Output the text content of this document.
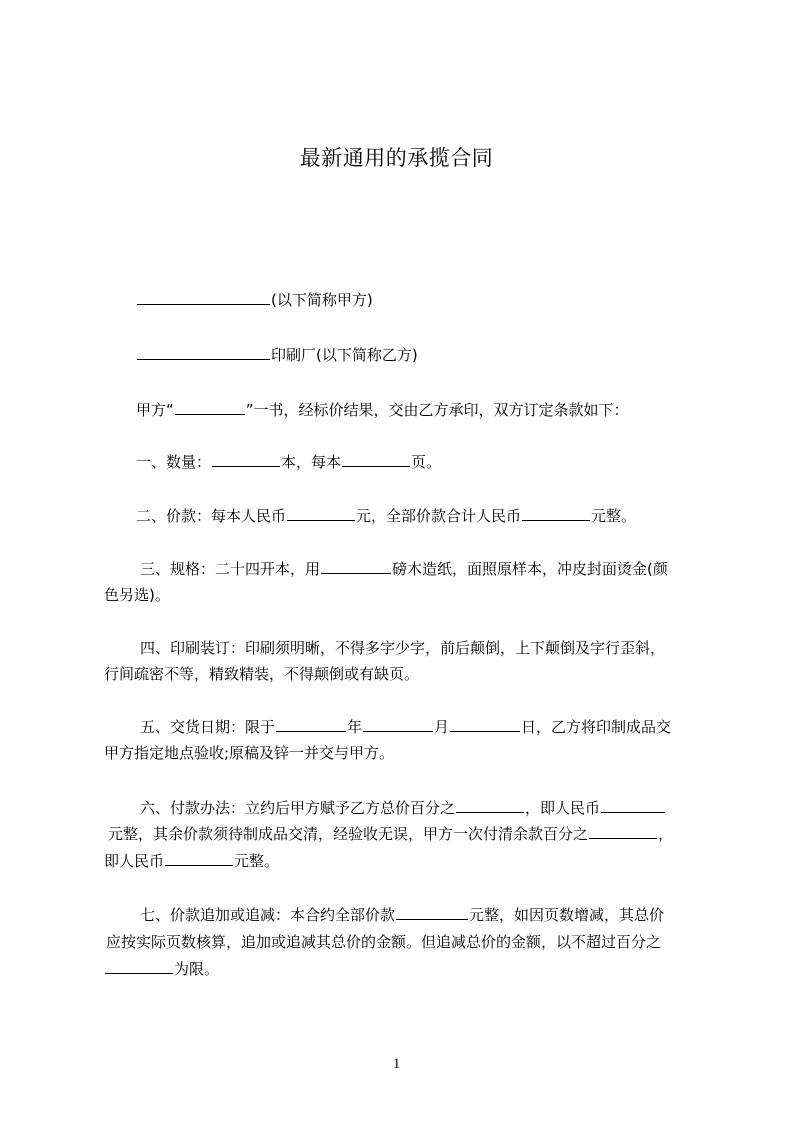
最新通用的承揽合同
(以下简称甲方)
印刷厂(以下简称乙方)
甲方“	”一书，经标价结果，交由乙方承印，双方订定条款如下：
一、数量：	本，每本	页。
二、价款：每本人民币	元，全部价款合计人民币	元整。
三、规格：二十四开本，用	磅木造纸，面照原样本，冲皮封面烫金(颜
色另选)。
四、印刷装订：印刷须明晰，不得多字少字，前后颠倒，上下颠倒及字行歪斜，
行间疏密不等，精致精装，不得颠倒或有缺页。
五、交货日期：限于	年	月	日，乙方将印制成品交
甲方指定地点验收;原稿及锌一并交与甲方。
六、付款办法：立约后甲方赋予乙方总价百分之	，即人民币
元整，其余价款须待制成品交清，经验收无误，甲方一次付清余款百分之	，
即人民币	元整。
七、价款追加或追减：本合约全部价款	元整，如因页数增减，其总价
应按实际页数核算，追加或追减其总价的金额。但追减总价的金额，以不超过百分之
为限。
1
